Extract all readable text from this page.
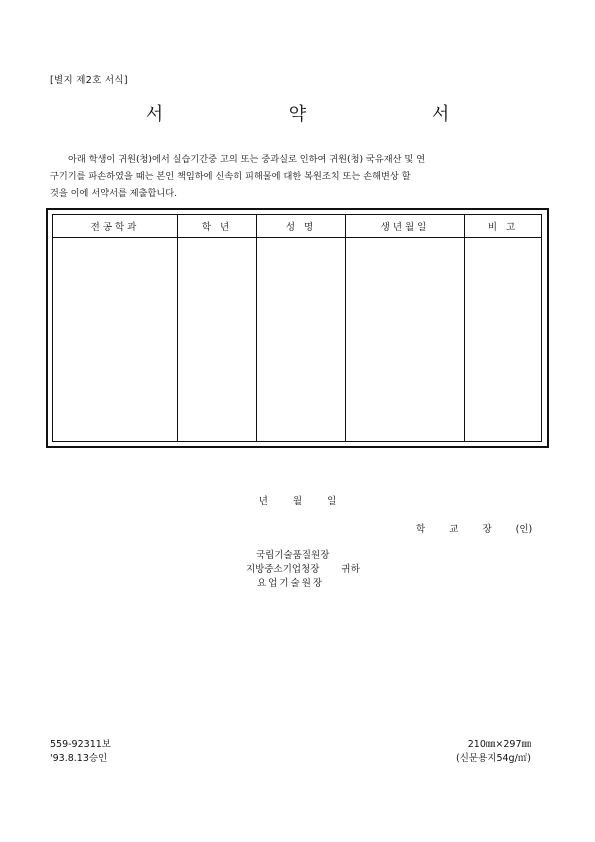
[별지 제2호 서식]
서 약 서
아래 학생이 귀원(청)에서 실습기간중 고의 또는 중과실로 인하여 귀원(청) 국유재산 및 연
구기기를 파손하였을 때는 본인 책임하에 신속히 피해물에 대한 복원조치 또는 손해변상 할
것을 이에 서약서를 제출합니다.
전공학과	학 년	성 명	생년월일	비 고

년	월	일
학	교	장	(인)
국립기술품질원장
지방중소기업청장 귀하
요업기술원장
559-92311보
'93.8.13승인
210㎜×297㎜
(신문용지54g/㎡)
